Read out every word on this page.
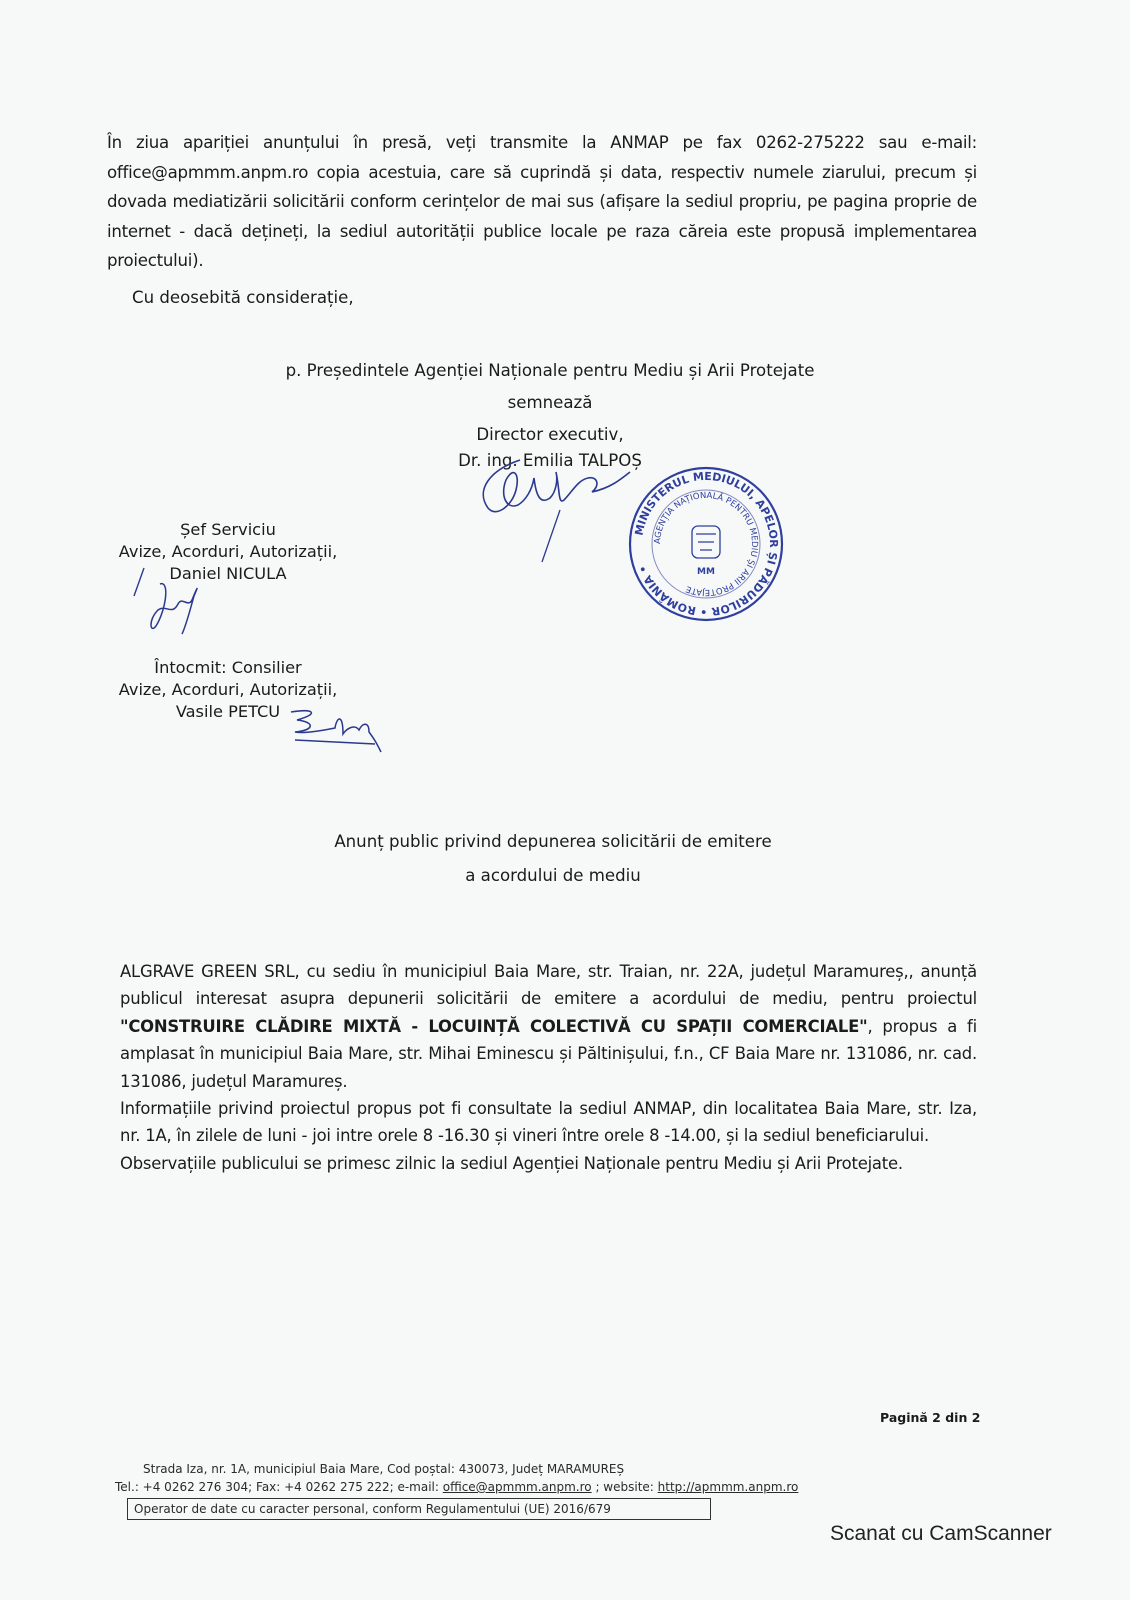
În ziua apariției anunțului în presă, veți transmite la ANMAP pe fax 0262-275222 sau e-mail: office@apmmm.anpm.ro copia acestuia, care să cuprindă și data, respectiv numele ziarului, precum și dovada mediatizării solicitării conform cerințelor de mai sus (afișare la sediul propriu, pe pagina proprie de internet - dacă dețineți, la sediul autorității publice locale pe raza căreia este propusă implementarea proiectului).

Cu deosebită considerație,
p. Președintele Agenției Naționale pentru Mediu și Arii Protejate
semnează
Director executiv,
Dr. ing. Emilia TALPOȘ
MINISTERUL MEDIULUI, APELOR ȘI PĂDURILOR • ROMÂNIA •
AGENȚIA NAȚIONALĂ PENTRU MEDIU ȘI ARII PROTEJATE
MM
Șef Serviciu
Avize, Acorduri, Autorizații,
Daniel NICULA
Întocmit: Consilier
Avize, Acorduri, Autorizații,
Vasile PETCU
Anunț public privind depunerea solicitării de emitere
a acordului de mediu

ALGRAVE GREEN SRL, cu sediu în municipiul Baia Mare, str. Traian, nr. 22A, județul Maramureș,, anunță publicul interesat asupra depunerii solicitării de emitere a acordului de mediu, pentru proiectul "CONSTRUIRE CLĂDIRE MIXTĂ - LOCUINȚĂ COLECTIVĂ CU SPAȚII COMERCIALE", propus a fi amplasat în municipiul Baia Mare, str. Mihai Eminescu și Păltinișului, f.n., CF Baia Mare nr. 131086, nr. cad. 131086, județul Maramureș.

Informațiile privind proiectul propus pot fi consultate la sediul ANMAP, din localitatea Baia Mare, str. Iza, nr. 1A, în zilele de luni - joi intre orele 8 -16.30 și vineri între orele 8 -14.00, și la sediul beneficiarului.

Observațiile publicului se primesc zilnic la sediul Agenției Naționale pentru Mediu și Arii Protejate.

Pagină 2 din 2
Strada Iza, nr. 1A, municipiul Baia Mare, Cod poștal: 430073, Județ MARAMUREȘ
Tel.: +4 0262 276 304; Fax: +4 0262 275 222; e-mail: office@apmmm.anpm.ro ; website: http://apmmm.anpm.ro
Operator de date cu caracter personal, conform Regulamentului (UE) 2016/679
Scanat cu CamScanner
